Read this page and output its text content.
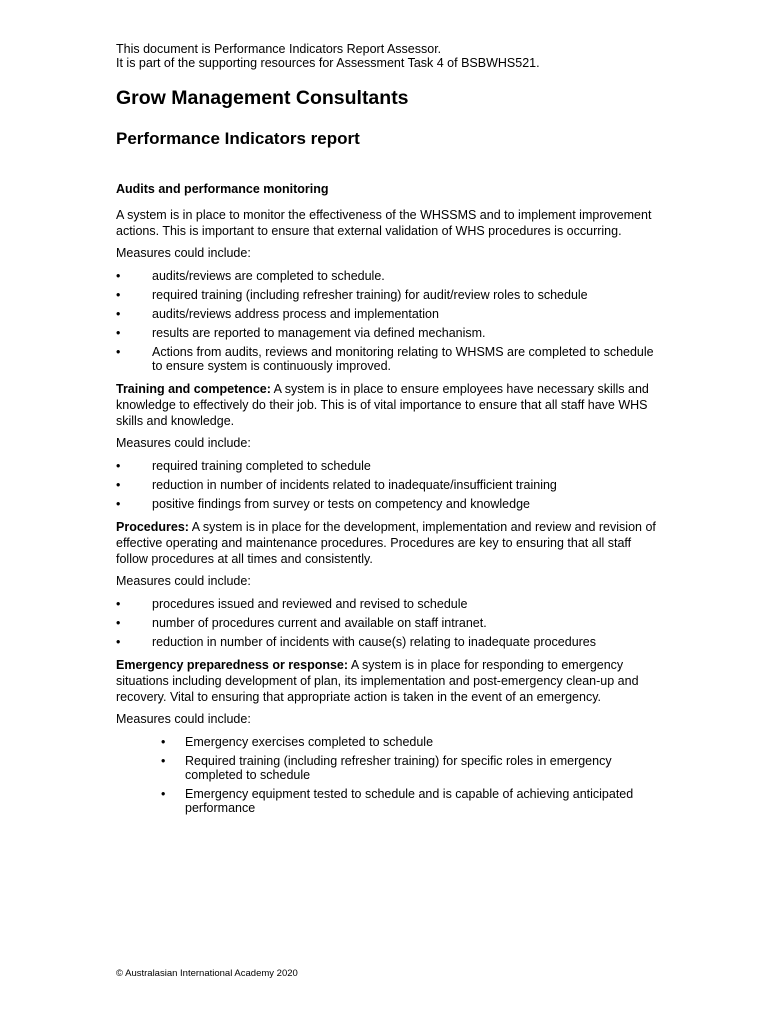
This document is Performance Indicators Report Assessor.

It is part of the supporting resources for Assessment Task 4 of BSBWHS521.

Grow Management Consultants
Performance Indicators report

Audits and performance monitoring

A system is in place to monitor the effectiveness of the WHSSMS and to implement improvement actions. This is important to ensure that external validation of WHS procedures is occurring.

Measures could include:

•	audits/reviews are completed to schedule.
•	required training (including refresher training) for audit/review roles to schedule
•	audits/reviews address process and implementation
•	results are reported to management via defined mechanism.
•	Actions from audits, reviews and monitoring relating to WHSMS are completed to schedule to ensure system is continuously improved.

Training and competence: A system is in place to ensure employees have necessary skills and knowledge to effectively do their job. This is of vital importance to ensure that all staff have WHS skills and knowledge.

Measures could include:

•	required training completed to schedule
•	reduction in number of incidents related to inadequate/insufficient training
•	positive findings from survey or tests on competency and knowledge

Procedures: A system is in place for the development, implementation and review and revision of effective operating and maintenance procedures. Procedures are key to ensuring that all staff follow procedures at all times and consistently.

Measures could include:

•	procedures issued and reviewed and revised to schedule
•	number of procedures current and available on staff intranet.
•	reduction in number of incidents with cause(s) relating to inadequate procedures

Emergency preparedness or response: A system is in place for responding to emergency situations including development of plan, its implementation and post-emergency clean-up and recovery. Vital to ensuring that appropriate action is taken in the event of an emergency.

Measures could include:

• Emergency exercises completed to schedule
• Required training (including refresher training) for specific roles in emergency completed to schedule
• Emergency equipment tested to schedule and is capable of achieving anticipated performance
© Australasian International Academy 2020
